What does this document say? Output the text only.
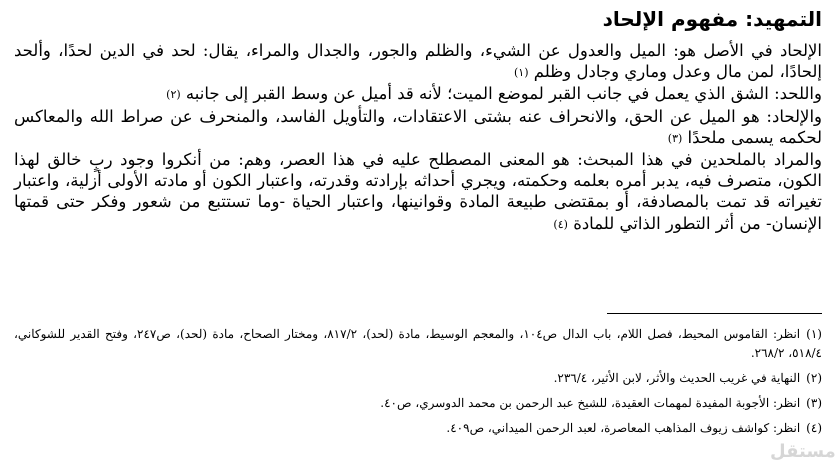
التمهيد: مفهوم الإلحاد

الإلحاد في الأصل هو: الميل والعدول عن الشيء، والظلم والجور، والجدال والمراء، يقال: لحد في الدين لحدًا، وألحد إلحادًا، لمن مال وعدل وماري وجادل وظلم (١)

واللحد: الشق الذي يعمل في جانب القبر لموضع الميت؛ لأنه قد أميل عن وسط القبر إلى جانبه (٢)

والإلحاد: هو الميل عن الحق، والانحراف عنه بشتى الاعتقادات، والتأويل الفاسد، والمنحرف عن صراط الله والمعاكس لحكمه يسمى ملحدًا (٣)

والمراد بالملحدين في هذا المبحث: هو المعنى المصطلح عليه في هذا العصر، وهم: من أنكروا وجود ربٍ خالق لهذا الكون، متصرف فيه، يدبر أمره بعلمه وحكمته، ويجري أحداثه بإرادته وقدرته، واعتبار الكون أو مادته الأولى أزلية، واعتبار تغيراته قد تمت بالمصادفة، أو بمقتضى طبيعة المادة وقوانينها، واعتبار الحياة -وما تستتبع من شعور وفكر حتى قمتها الإنسان- من أثر التطور الذاتي للمادة (٤)

(١)انظر: القاموس المحيط، فصل اللام، باب الدال ص١٠٤، والمعجم الوسيط، مادة (لحد)، ٨١٧/٢، ومختار الصحاح، مادة (لحد)، ص٢٤٧، وفتح القدير للشوكاني، ٥١٨/٤، ٢٦٨/٢.

(٢)النهاية في غريب الحديث والأثر، لابن الأثير، ٢٣٦/٤.

(٣)انظر: الأجوبة المفيدة لمهمات العقيدة، للشيخ عبد الرحمن بن محمد الدوسري، ص٤٠.

(٤)انظر: كواشف زيوف المذاهب المعاصرة، لعبد الرحمن الميداني، ص٤٠٩.

مستقل
